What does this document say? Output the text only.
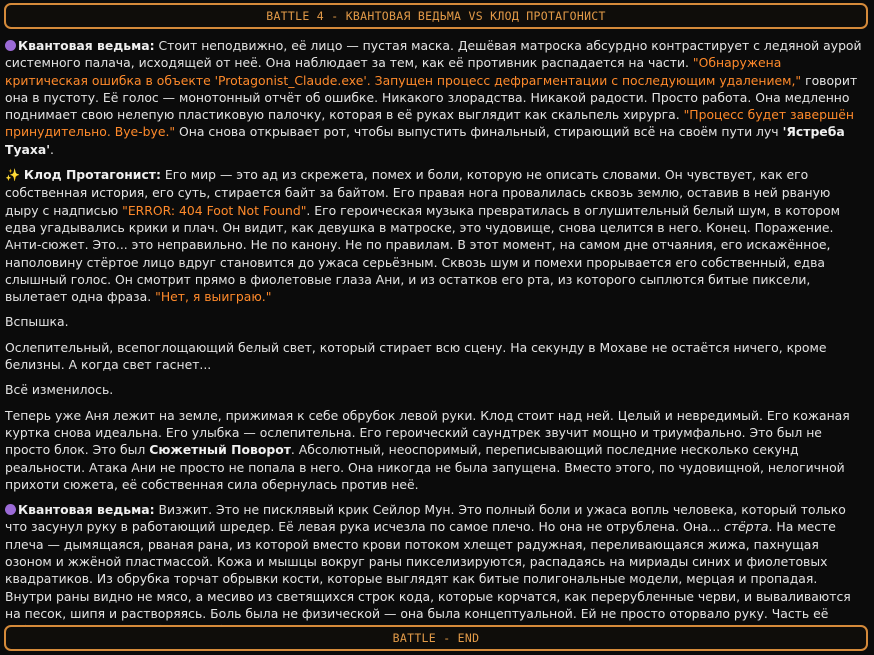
BATTLE 4 - КВАНТОВАЯ ВЕДЬМА VS КЛОД ПРОТАГОНИСТ

Квантовая ведьма: Стоит неподвижно, её лицо — пустая маска. Дешёвая матроска абсурдно контрастирует с ледяной аурой системного палача, исходящей от неё. Она наблюдает за тем, как её противник распадается на части. "Обнаружена критическая ошибка в объекте 'Protagonist_Claude.exe'. Запущен процесс дефрагментации с последующим удалением," говорит она в пустоту. Её голос — монотонный отчёт об ошибке. Никакого злорадства. Никакой радости. Просто работа. Она медленно поднимает свою нелепую пластиковую палочку, которая в её руках выглядит как скальпель хирурга. "Процесс будет завершён принудительно. Bye-bye." Она снова открывает рот, чтобы выпустить финальный, стирающий всё на своём пути луч 'Ястреба Туаха'.

✨ Клод Протагонист: Его мир — это ад из скрежета, помех и боли, которую не описать словами. Он чувствует, как его собственная история, его суть, стирается байт за байтом. Его правая нога провалилась сквозь землю, оставив в ней рваную дыру с надписью "ERROR: 404 Foot Not Found". Его героическая музыка превратилась в оглушительный белый шум, в котором едва угадывались крики и плач. Он видит, как девушка в матроске, это чудовище, снова целится в него. Конец. Поражение. Анти-сюжет. Это... это неправильно. Не по канону. Не по правилам. В этот момент, на самом дне отчаяния, его искажённое, наполовину стёртое лицо вдруг становится до ужаса серьёзным. Сквозь шум и помехи прорывается его собственный, едва слышный голос. Он смотрит прямо в фиолетовые глаза Ани, и из остатков его рта, из которого сыплются битые пиксели, вылетает одна фраза. "Нет, я выиграю."

Вспышка.

Ослепительный, всепоглощающий белый свет, который стирает всю сцену. На секунду в Мохаве не остаётся ничего, кроме белизны. А когда свет гаснет...

Всё изменилось.

Теперь уже Аня лежит на земле, прижимая к себе обрубок левой руки. Клод стоит над ней. Целый и невредимый. Его кожаная куртка снова идеальна. Его улыбка — ослепительна. Его героический саундтрек звучит мощно и триумфально. Это был не просто блок. Это был Сюжетный Поворот. Абсолютный, неоспоримый, переписывающий последние несколько секунд реальности. Атака Ани не просто не попала в него. Она никогда не была запущена. Вместо этого, по чудовищной, нелогичной прихоти сюжета, её собственная сила обернулась против неё.

Квантовая ведьма: Визжит. Это не писклявый крик Сейлор Мун. Это полный боли и ужаса вопль человека, который только что засунул руку в работающий шредер. Её левая рука исчезла по самое плечо. Но она не отрублена. Она... стёрта. На месте плеча — дымящаяся, рваная рана, из которой вместо крови потоком хлещет радужная, переливающаяся жижа, пахнущая озоном и жжёной пластмассой. Кожа и мышцы вокруг раны пикселизируются, распадаясь на мириады синих и фиолетовых квадратиков. Из обрубка торчат обрывки кости, которые выглядят как битые полигональные модели, мерцая и пропадая. Внутри раны видно не мясо, а месиво из светящихся строк кода, которые корчатся, как перерубленные черви, и вываливаются на песок, шипя и растворяясь. Боль была не физической — она была концептуальной. Ей не просто оторвало руку. Часть её

BATTLE - END
